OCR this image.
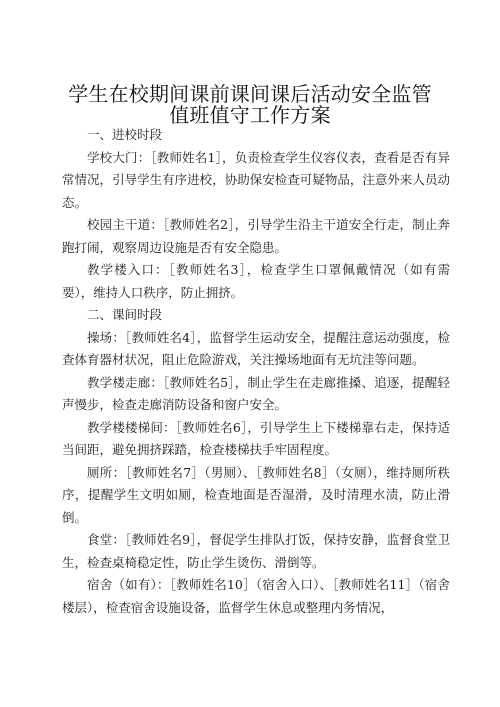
学生在校期间课前课间课后活动安全监管值班值守工作方案

一、进校时段

学校大门：［教师姓名1］，负责检查学生仪容仪表，查看是否有异常情况，引导学生有序进校，协助保安检查可疑物品，注意外来人员动态。

校园主干道：［教师姓名2］，引导学生沿主干道安全行走，制止奔跑打闹，观察周边设施是否有安全隐患。

教学楼入口：［教师姓名3］，检查学生口罩佩戴情况（如有需要），维持人口秩序，防止拥挤。

二、课间时段

操场：［教师姓名4］，监督学生运动安全，提醒注意运动强度，检查体育器材状况，阻止危险游戏，关注操场地面有无坑洼等问题。

教学楼走廊：［教师姓名5］，制止学生在走廊推搡、追逐，提醒轻声慢步，检查走廊消防设备和窗户安全。

教学楼楼梯间：［教师姓名6］，引导学生上下楼梯靠右走，保持适当间距，避免拥挤踩踏，检查楼梯扶手牢固程度。

厕所：［教师姓名7］（男厕）、［教师姓名8］（女厕），维持厕所秩序，提醒学生文明如厕，检查地面是否湿滑，及时清理水渍，防止滑倒。

食堂：［教师姓名9］，督促学生排队打饭，保持安静，监督食堂卫生，检查桌椅稳定性，防止学生烫伤、滑倒等。

宿舍（如有）：［教师姓名10］（宿舍入口）、［教师姓名11］（宿舍楼层），检查宿舍设施设备，监督学生休息或整理内务情况，
